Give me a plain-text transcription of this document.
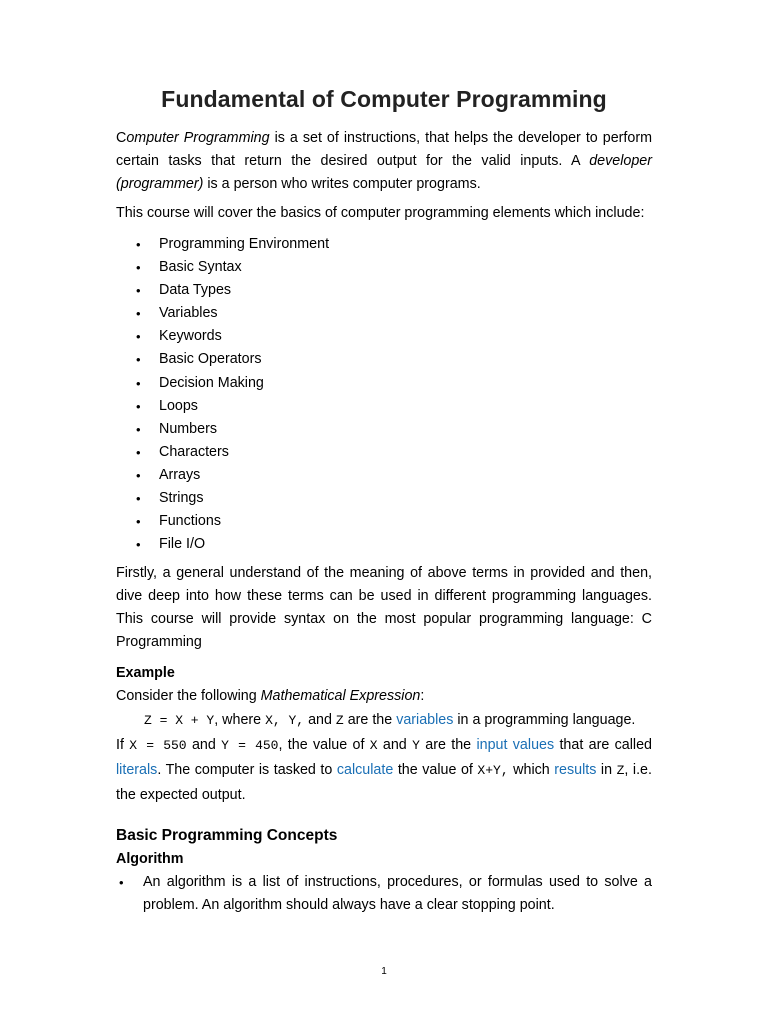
Fundamental of Computer Programming

Computer Programming is a set of instructions, that helps the developer to perform certain tasks that return the desired output for the valid inputs. A developer (programmer) is a person who writes computer programs.

This course will cover the basics of computer programming elements which include:

• Programming Environment
• Basic Syntax
• Data Types
• Variables
• Keywords
• Basic Operators
• Decision Making
• Loops
• Numbers
• Characters
• Arrays
• Strings
• Functions
• File I/O

Firstly, a general understand of the meaning of above terms in provided and then, dive deep into how these terms can be used in different programming languages. This course will provide syntax on the most popular programming language: C Programming

Example

Consider the following Mathematical Expression:

Z = X + Y, where X, Y, and Z are the variables in a programming language.

If X = 550 and Y = 450, the value of X and Y are the input values that are called literals. The computer is tasked to calculate the value of X+Y, which results in Z, i.e. the expected output.

Basic Programming Concepts

Algorithm

• An algorithm is a list of instructions, procedures, or formulas used to solve a problem. An algorithm should always have a clear stopping point.
1
